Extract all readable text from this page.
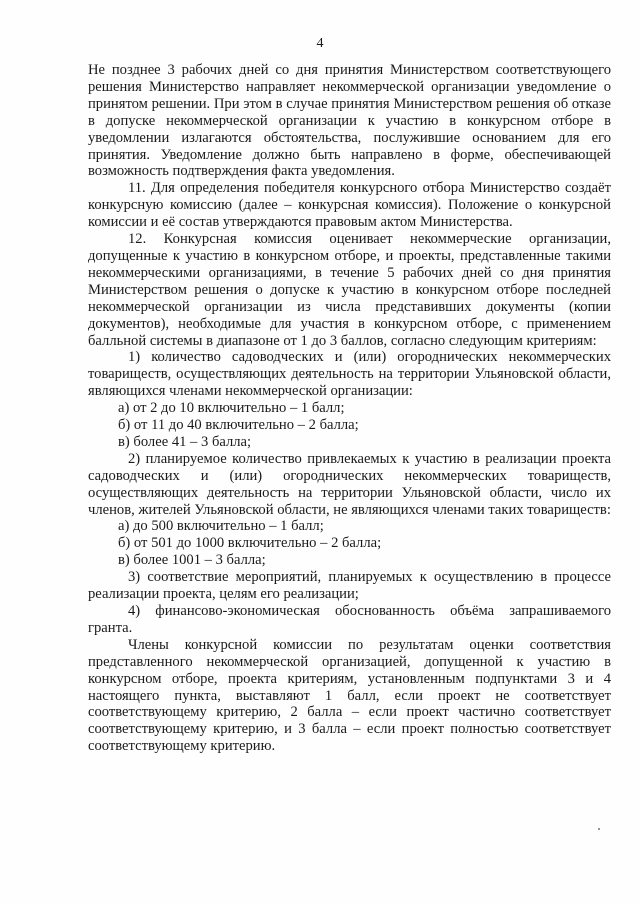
4

Не позднее 3 рабочих дней со дня принятия Министерством соответствующего решения Министерство направляет некоммерческой организации уведомление о принятом решении. При этом в случае принятия Министерством решения об отказе в допуске некоммерческой организации к участию в конкурсном отборе в уведомлении излагаются обстоятельства, послужившие основанием для его принятия. Уведомление должно быть направлено в форме, обеспечивающей возможность подтверждения факта уведомления.

11. Для определения победителя конкурсного отбора Министерство создаёт конкурсную комиссию (далее – конкурсная комиссия). Положение о конкурсной комиссии и её состав утверждаются правовым актом Министерства.

12. Конкурсная комиссия оценивает некоммерческие организации, допущенные к участию в конкурсном отборе, и проекты, представленные такими некоммерческими организациями, в течение 5 рабочих дней со дня принятия Министерством решения о допуске к участию в конкурсном отборе последней некоммерческой организации из числа представивших документы (копии документов), необходимые для участия в конкурсном отборе, с применением балльной системы в диапазоне от 1 до 3 баллов, согласно следующим критериям:

1) количество садоводческих и (или) огороднических некоммерческих товариществ, осуществляющих деятельность на территории Ульяновской области, являющихся членами некоммерческой организации:

а) от 2 до 10 включительно – 1 балл;

б) от 11 до 40 включительно – 2 балла;

в) более 41 – 3 балла;

2) планируемое количество привлекаемых к участию в реализации проекта садоводческих и (или) огороднических некоммерческих товариществ, осуществляющих деятельность на территории Ульяновской области, число их членов, жителей Ульяновской области, не являющихся членами таких товариществ:

а) до 500 включительно – 1 балл;

б) от 501 до 1000 включительно – 2 балла;

в) более 1001 – 3 балла;

3) соответствие мероприятий, планируемых к осуществлению в процессе реализации проекта, целям его реализации;

4) финансово-экономическая обоснованность объёма запрашиваемого гранта.

Члены конкурсной комиссии по результатам оценки соответствия представленного некоммерческой организацией, допущенной к участию в конкурсном отборе, проекта критериям, установленным подпунктами 3 и 4 настоящего пункта, выставляют 1 балл, если проект не соответствует соответствующему критерию, 2 балла – если проект частично соответствует соответствующему критерию, и 3 балла – если проект полностью соответствует соответствующему критерию.
